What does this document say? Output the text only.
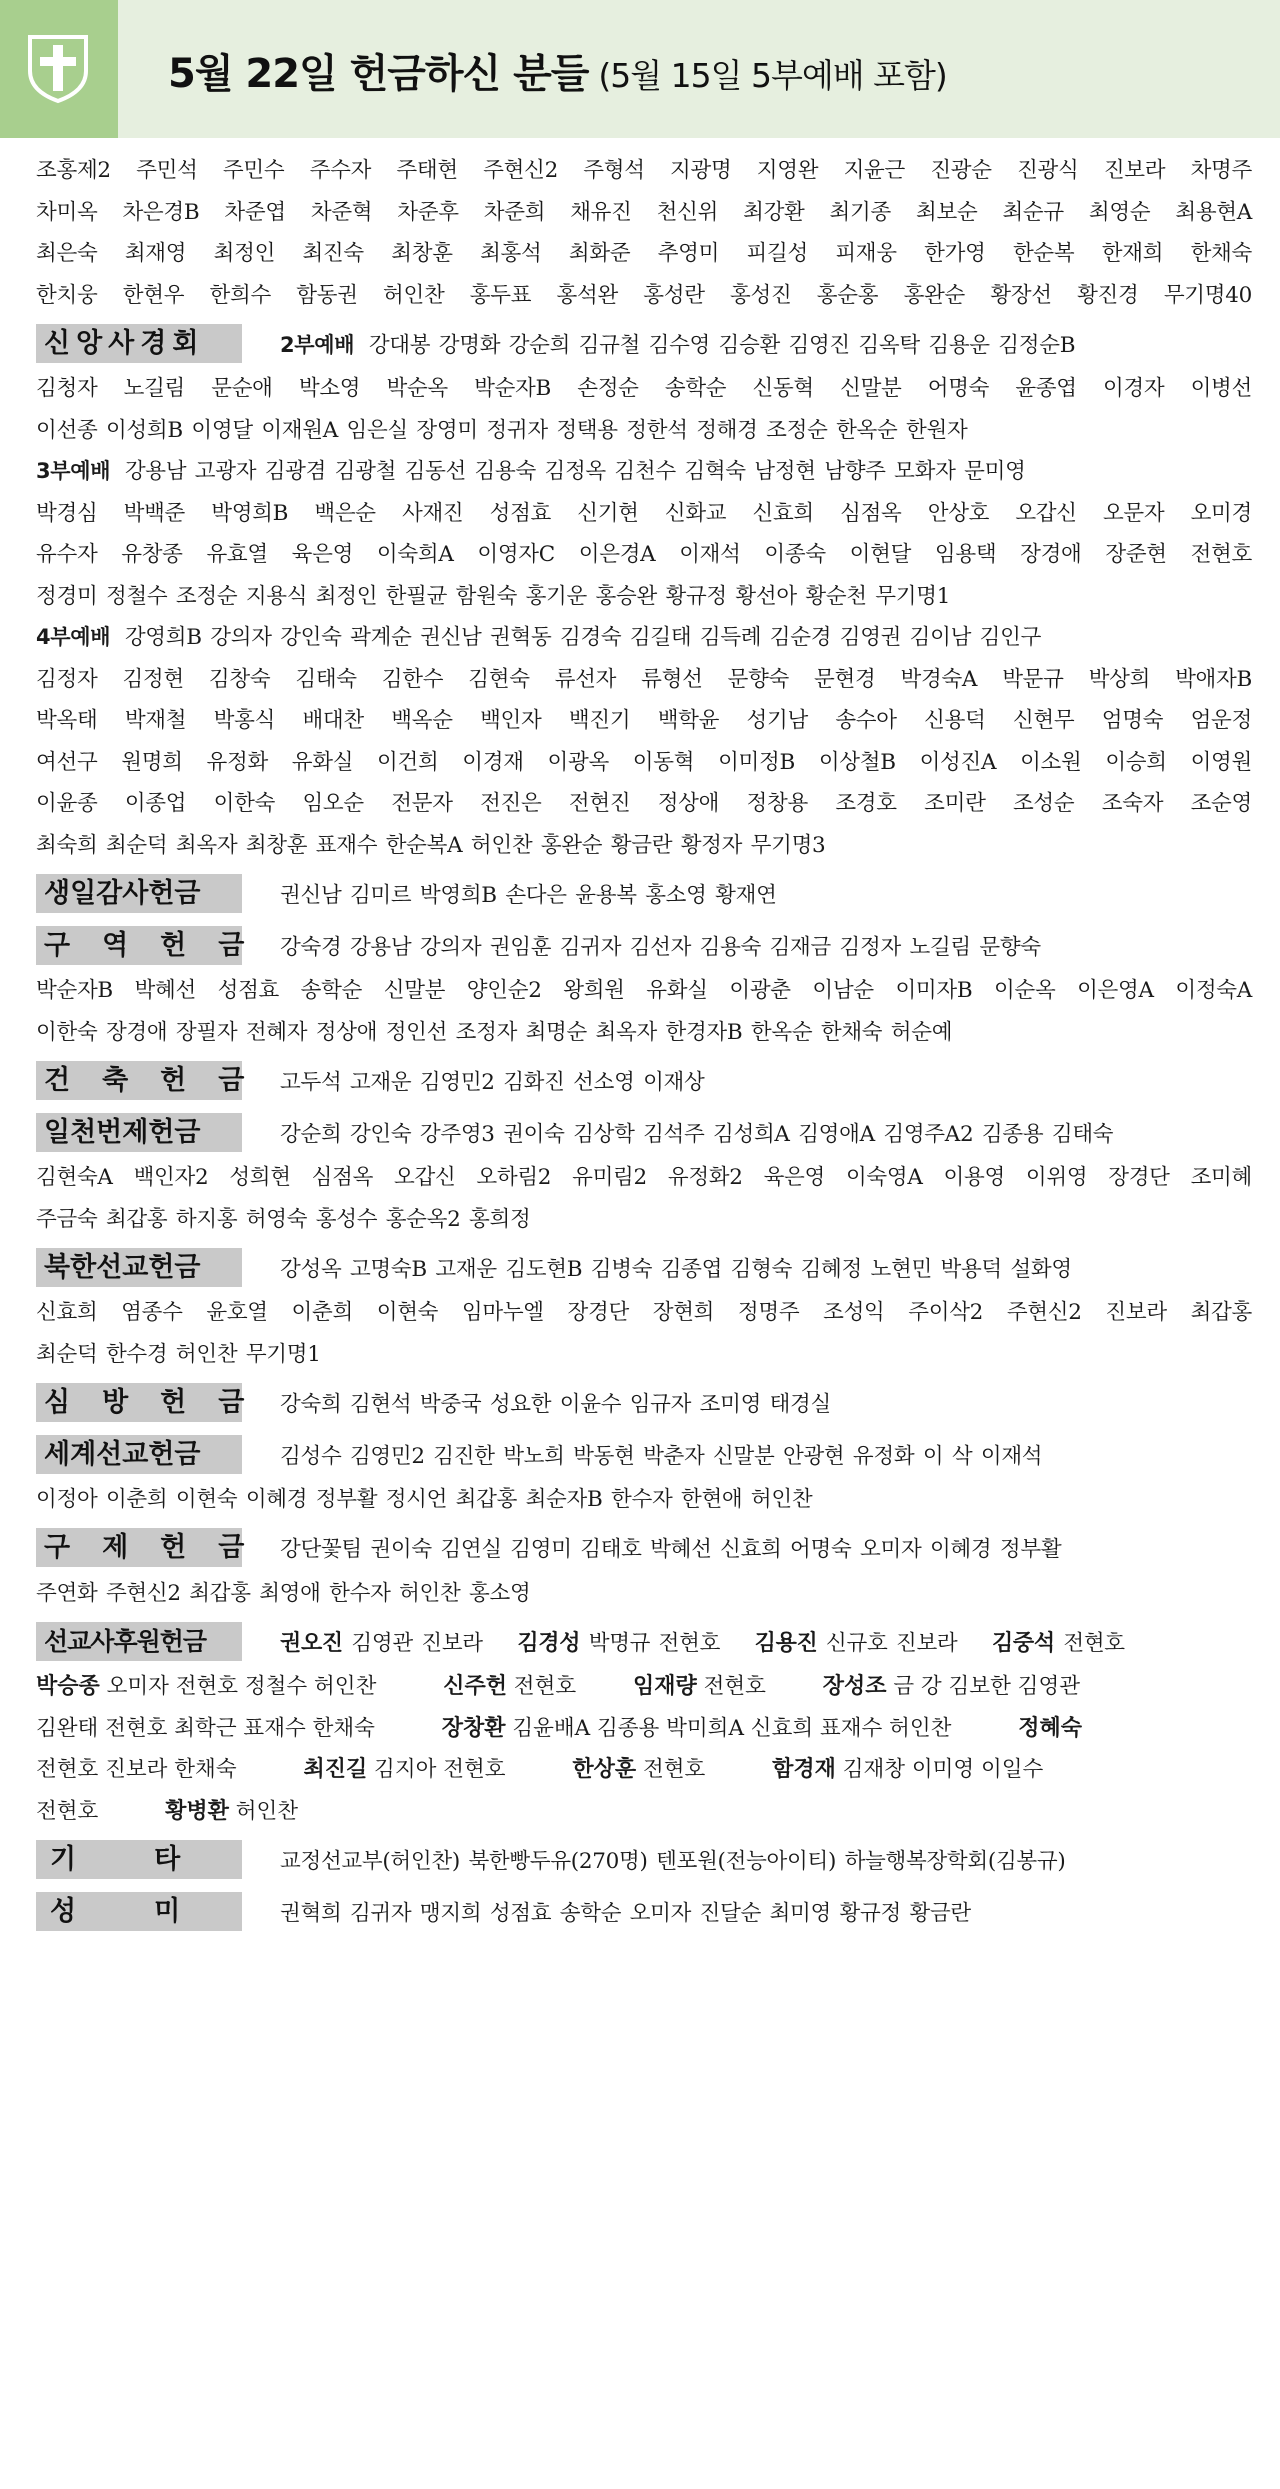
5월 22일 헌금하신 분들 (5월 15일 5부예배 포함)
조홍제2 주민석 주민수 주수자 주태현 주현신2 주형석 지광명 지영완 지윤근 진광순 진광식 진보라 차명주
차미옥 차은경B 차준엽 차준혁 차준후 차준희 채유진 천신위 최강환 최기종 최보순 최순규 최영순 최용현A
최은숙 최재영 최정인 최진숙 최창훈 최홍석 최화준 추영미 피길성 피재웅 한가영 한순복 한재희 한채숙
한치웅 한현우 한희수 함동권 허인찬 홍두표 홍석완 홍성란 홍성진 홍순홍 홍완순 황장선 황진경 무기명40
신앙사경회	2부예배 강대봉 강명화 강순희 김규철 김수영 김승환 김영진 김옥탁 김용운 김정순B
김청자 노길림 문순애 박소영 박순옥 박순자B 손정순 송학순 신동혁 신말분 어명숙 윤종엽 이경자 이병선
이선종 이성희B 이영달 이재원A 임은실 장영미 정귀자 정택용 정한석 정해경 조정순 한옥순 한원자
3부예배 강용남 고광자 김광겸 김광철 김동선 김용숙 김정옥 김천수 김혁숙 남정현 남향주 모화자 문미영
박경심 박백준 박영희B 백은순 사재진 성점효 신기현 신화교 신효희 심점옥 안상호 오갑신 오문자 오미경
유수자 유창종 유효열 육은영 이숙희A 이영자C 이은경A 이재석 이종숙 이현달 임용택 장경애 장준현 전현호
정경미 정철수 조정순 지용식 최정인 한필균 함원숙 홍기운 홍승완 황규정 황선아 황순천 무기명1
4부예배 강영희B 강의자 강인숙 곽계순 권신남 권혁동 김경숙 김길태 김득례 김순경 김영권 김이남 김인구
김정자 김정현 김창숙 김태숙 김한수 김현숙 류선자 류형선 문향숙 문현경 박경숙A 박문규 박상희 박애자B
박옥태 박재철 박홍식 배대찬 백옥순 백인자 백진기 백학윤 성기남 송수아 신용덕 신현무 엄명숙 엄운정
여선구 원명희 유정화 유화실 이건희 이경재 이광옥 이동혁 이미정B 이상철B 이성진A 이소원 이승희 이영원
이윤종 이종업 이한숙 임오순 전문자 전진은 전현진 정상애 정창용 조경호 조미란 조성순 조숙자 조순영
최숙희 최순덕 최옥자 최창훈 표재수 한순복A 허인찬 홍완순 황금란 황정자 무기명3
생일감사헌금	권신남 김미르 박영희B 손다은 윤용복 홍소영 황재연
구역헌금 강숙경 강용남 강의자 권임훈 김귀자 김선자 김용숙 김재금 김정자 노길림 문향숙
박순자B 박혜선 성점효 송학순 신말분 양인순2 왕희원 유화실 이광춘 이남순 이미자B 이순옥 이은영A 이정숙A
이한숙 장경애 장필자 전혜자 정상애 정인선 조정자 최명순 최옥자 한경자B 한옥순 한채숙 허순예
건축헌금 고두석 고재운 김영민2 김화진 선소영 이재상
일천번제헌금	강순희 강인숙 강주영3 권이숙 김상학 김석주 김성희A 김영애A 김영주A2 김종용 김태숙
김현숙A 백인자2 성희현 심점옥 오갑신 오하림2 유미림2 유정화2 육은영 이숙영A 이용영 이위영 장경단 조미혜
주금숙 최갑홍 하지홍 허영숙 홍성수 홍순옥2 홍희정
북한선교헌금	강성옥 고명숙B 고재운 김도현B 김병숙 김종엽 김형숙 김혜정 노현민 박용덕 설화영
신효희 염종수 윤호열 이춘희 이현숙 임마누엘 장경단 장현희 정명주 조성익 주이삭2 주현신2 진보라 최갑홍
최순덕 한수경 허인찬 무기명1
심방헌금 강숙희 김현석 박중국 성요한 이윤수 임규자 조미영 태경실
세계선교헌금	김성수 김영민2 김진한 박노희 박동현 박춘자 신말분 안광현 유정화 이 삭 이재석
이정아 이춘희 이현숙 이혜경 정부활 정시언 최갑홍 최순자B 한수자 한현애 허인찬
구제헌금 강단꽃팀 권이숙 김연실 김영미 김태호 박혜선 신효희 어명숙 오미자 이혜경 정부활
주연화 주현신2 최갑홍 최영애 한수자 허인찬 홍소영
선교사후원헌금	권오진 김영관 진보라 김경성 박명규 전현호 김용진 신규호 진보라 김중석 전현호
박승종 오미자 전현호 정철수 허인찬	신주헌 전현호	임재량 전현호	장성조 금 강 김보한 김영관
김완태 전현호 최학근 표재수 한채숙	장창환 김윤배A 김종용 박미희A 신효희 표재수 허인찬	정혜숙
전현호 진보라 한채숙	최진길 김지아 전현호	한상훈 전현호	함경재 김재창 이미영 이일수
전현호	황병환 허인찬
기타 교정선교부(허인찬) 북한빵두유(270명) 텐포원(전능아이티) 하늘행복장학회(김봉규)
성미 권혁희 김귀자 맹지희 성점효 송학순 오미자 진달순 최미영 황규정 황금란
